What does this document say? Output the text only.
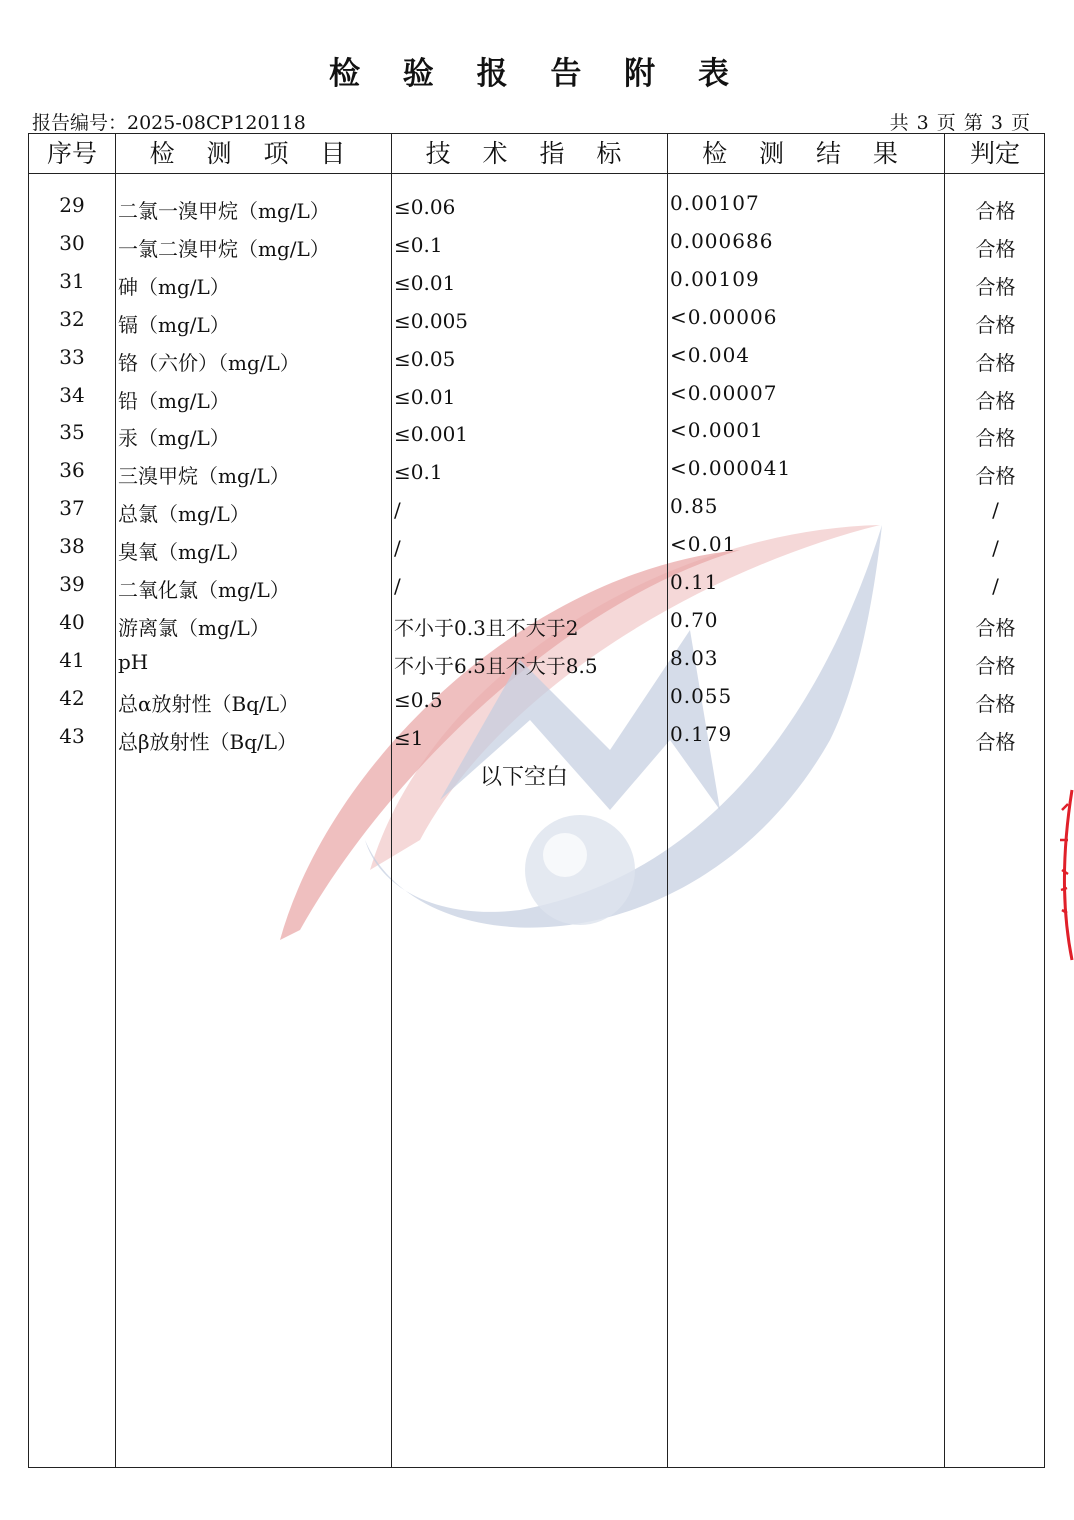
检 验 报 告 附 表
报告编号：2025-08CP120118	共 3 页 第 3 页
序号	检 测 项 目	技 术 指 标	检 测 结 果	判定
29	二氯一溴甲烷（mg/L）	≤0.06	0.00107	合格
30	一氯二溴甲烷（mg/L）	≤0.1	0.000686	合格
31	砷（mg/L）	≤0.01	0.00109	合格
32	镉（mg/L）	≤0.005	<0.00006	合格
33	铬（六价）（mg/L）	≤0.05	<0.004	合格
34	铅（mg/L）	≤0.01	<0.00007	合格
35	汞（mg/L）	≤0.001	<0.0001	合格
36	三溴甲烷（mg/L）	≤0.1	<0.000041	合格
37	总氯（mg/L）	/	0.85	/
38	臭氧（mg/L）	/	<0.01	/
39	二氧化氯（mg/L）	/	0.11	/
40	游离氯（mg/L）	不小于0.3且不大于2	0.70	合格
41	pH	不小于6.5且不大于8.5	8.03	合格
42	总α放射性（Bq/L）	≤0.5	0.055	合格
43	总β放射性（Bq/L）	≤1	0.179	合格
以下空白
